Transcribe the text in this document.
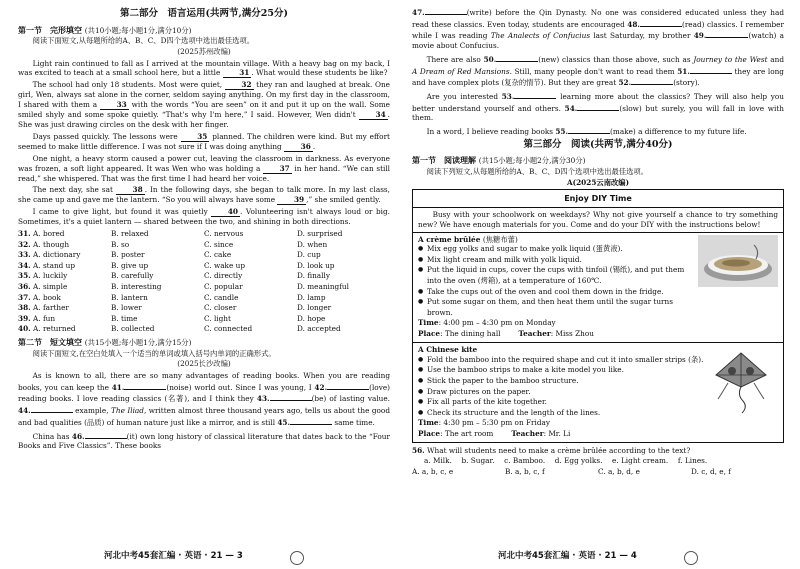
第二部分　语言运用(共两节,满分25分)
第一节　完形填空 (共10小题;每小题1分,满分10分)
阅读下面短文,从每题所给的A、B、C、D四个选项中选出最佳选项。
(2025苏州改编)

Light rain continued to fall as I arrived at the mountain village. With a heavy bag on my back, I was excited to teach at a small school here, but a little 31 . What would these students be like?

The school had only 18 students. Most were quiet, 32 they ran and laughed at break. One girl, Wen, always sat alone in the corner, seldom saying anything. On my first day in the classroom, I shared with them a 33 with the words “You are seen” on it and put it up on the wall. Some smiled shyly and some spoke quietly. “That's why I'm here,” I said. However, Wen didn't 34 . She was just drawing circles on the desk with her finger.

Days passed quickly. The lessons were 35 planned. The children were kind. But my effort seemed to make little difference. I was not sure if I was doing anything 36 .

One night, a heavy storm caused a power cut, leaving the classroom in darkness. As everyone was frozen, a soft light appeared. It was Wen who was holding a 37 in her hand. “We can still read,” she whispered. That was the first time I had heard her voice.

The next day, she sat 38 . In the following days, she began to talk more. In my last class, she came up and gave me the lantern. “So you will always have some 39 ,” she smiled gently.

I came to give light, but found it was quietly 40 . Volunteering isn't always loud or big. Sometimes, it's a quiet lantern — shared between the two, and shining in both directions.

31. A. bored	B. relaxed	C. nervous	D. surprised
32. A. though	B. so	C. since	D. when
33. A. dictionary	B. poster	C. cake	D. cup
34. A. stand up	B. give up	C. wake up	D. look up
35. A. luckily	B. carefully	C. directly	D. finally
36. A. simple	B. interesting	C. popular	D. meaningful
37. A. book	B. lantern	C. candle	D. lamp
38. A. farther	B. lower	C. closer	D. longer
39. A. fun	B. time	C. light	D. hope
40. A. returned	B. collected	C. connected	D. accepted
第二节　短文填空 (共15小题;每小题1分,满分15分)
阅读下面短文,在空白处填入一个适当的单词或填入括号内单词的正确形式。
(2025长沙改编)

As is known to all, there are so many advantages of reading books. When you are reading books, you can keep the 41.	(noise) world out. Since I was young, I 42.	(love) reading books. I love reading classics (名著), and I think they 43.	(be) of lasting value. 44.	example, The Iliad, written almost three thousand years ago, tells us about the good and bad qualities (品质) of human nature just like a mirror, and is still 45.	same time.

China has 46.	(it) own long history of classical literature that dates back to the “Four Books and Five Classics”. These books

47.	(write) before the Qin Dynasty. No one was considered educated unless they had read these classics. Even today, students are encouraged 48.	(read) classics. I remember while I was reading The Analects of Confucius last Saturday, my brother 49.	(watch) a movie about Confucius.

There are also 50.	(new) classics than those above, such as Journey to the West and A Dream of Red Mansions. Still, many people don't want to read them 51.	they are long and have complex plots (复杂的情节). But they are great 52.	(story).

Are you interested 53.	learning more about the classics? They will also help you better understand yourself and others. 54.	(slow) but surely, you will fall in love with them.

In a word, I believe reading books 55.	(make) a difference to my future life.

第三部分　阅读(共两节,满分40分)
第一节　阅读理解 (共15小题;每小题2分,满分30分)
阅读下列短文,从每题所给的A、B、C、D四个选项中选出最佳选项。
A(2025云南改编)
Enjoy DIY Time

Busy with your schoolwork on weekdays? Why not give yourself a chance to try something new? We have enough materials for you. Come and do your DIY with the instructions below!

A crème brûlée (焦糖布蕾)
● Mix egg yolks and sugar to make yolk liquid (蛋黄液).
● Mix light cream and milk with yolk liquid.
● Put the liquid in cups, cover the cups with tinfoil (锡纸), and put them into the oven (烤箱), at a temperature of 160℃.
● Take the cups out of the oven and cool them down in the fridge.
● Put some sugar on them, and then heat them until the sugar turns brown.
Time: 4:00 pm – 4:30 pm on Monday
Place: The dining hall Teacher: Miss Zhou
A Chinese kite
● Fold the bamboo into the required shape and cut it into smaller strips (条).
● Use the bamboo strips to make a kite model you like.
● Stick the paper to the bamboo structure.
● Draw pictures on the paper.
● Fix all parts of the kite together.
● Check its structure and the length of the lines.
Time: 4:30 pm – 5:30 pm on Friday
Place: The art room Teacher: Mr. Li
56. What will students need to make a crème brûlée according to the text?
a. Milk.　 b. Sugar.　 c. Bamboo.　 d. Egg yolks.　 e. Light cream.　 f. Lines.
A. a, b, c, e	B. a, b, c, f	C. a, b, d, e	D. c, d, e, f
河北中考45套汇编 · 英语 · 21 — 3	河北中考45套汇编 · 英语 · 21 — 4
